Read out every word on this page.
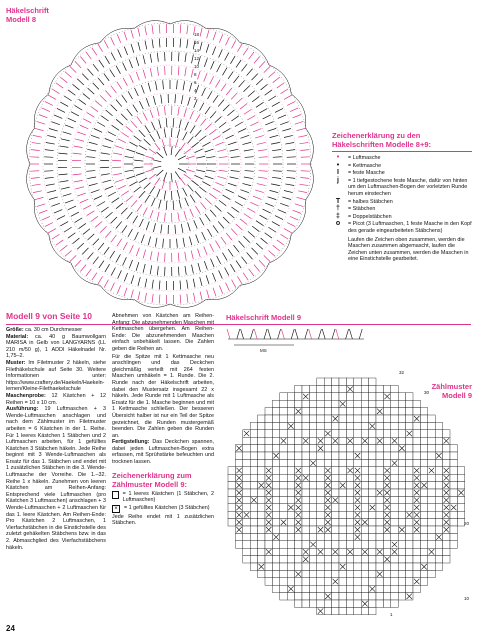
Häkelschrift
Modell 8
18
16
14
12
10
8
6
4
2
Zeichenerklärung zu den
Häkelschriften Modelle 8+9:
•	= Luftmasche
•	= Kettmasche
I	= feste Masche
j	= 1 tiefgestochene feste Masche, dafür von hinten um den Luftmaschen-Bogen der vorletzten Runde herum einstechen
T	= halbes Stäbchen
†	= Stäbchen
‡	= Doppelstäbchen
o	= Picot (3 Luftmaschen, 1 feste Masche in den Kopf des gerade eingearbeiteten Stäbchens)
Laufen die Zeichen oben zusammen, werden die Maschen zusammen abgemascht, laufen die Zeichen unten zusammen, werden die Maschen in eine Einstichstelle gearbeitet.
Modell 9 von Seite 10

Größe: ca. 30 cm Durchmesser

Material: ca. 40 g Baumwollgarn MARISA in Gelb von LANGYARNS (LL 210 m/50 g), 1 ADDI Häkelnadel Nr. 1,75–2.

Muster: Im Filetmuster 2 häkeln, siehe Filethäkelschule auf Seite 30. Weitere Informationen unter: https://www.craftery.de/Haekeln/Haekeln-lernen/Kleine-Filethaekelschule

Maschenprobe: 12 Kästchen + 12 Reihen = 10 x 10 cm.

Ausführung: 19 Luftmaschen + 3 Wende-Luftmaschen anschlagen und nach dem Zählmuster im Filetmuster arbeiten = 6 Kästchen in der 1. Reihe. Für 1 leeres Kästchen 1 Stäbchen und 2 Luftmaschen arbeiten, für 1 gefülltes Kästchen 3 Stäbchen häkeln. Jede Reihe beginnt mit 3 Wende-Luftmaschen als Ersatz für das 1. Stäbchen und endet mit 1 zusätzlichen Stäbchen in die 3. Wende-Luftmasche der Vorreihe. Die 1.–32. Reihe 1 x häkeln. Zunehmen von leeren Kästchen am Reihen-Anfang: Entsprechend viele Luftmaschen (pro Kästchen 3 Luftmaschen) anschlagen + 3 Wende-Luftmaschen + 2 Luftmaschen für das 1. leere Kästchen. Am Reihen-Ende: Pro Kästchen 2 Luftmaschen, 1 Vierfachstäbchen in die Einstichstelle des zuletzt gehäkelten Stäbchens bzw. in das 2. Abmaschglied des Vierfachstäbchens häkeln.

Abnehmen von Kästchen am Reihen-Anfang: Die abzunehmenden Maschen mit Kettmaschen übergehen. Am Reihen-Ende: Die abzunehmenden Maschen einfach unbehäkelt lassen. Die Zahlen geben die Reihen an.

Für die Spitze mit 1 Kettmasche neu anschlingen und das Deckchen gleichmäßig verteilt mit 264 festen Maschen umhäkeln = 1. Runde. Die 2. Runde nach der Häkelschrift arbeiten, dabei den Mustersatz insgesamt 22 x häkeln. Jede Runde mit 1 Luftmasche als Ersatz für die 1. Masche beginnen und mit 1 Kettmasche schließen. Der besseren Übersicht halber ist nur ein Teil der Spitze gezeichnet, die Runden mustergemäß beenden. Die Zahlen geben die Runden an.

Fertigstellung: Das Deckchen spannen, dabei jeden Luftmaschen-Bogen extra erfassen, mit Sprühstärke befeuchten und trocknen lassen.

Zeichenerklärung zum
Zählmuster Modell 9:
= 1 leeres Kästchen (1 Stäbchen, 2 Luftmaschen)
×	= 1 gefülltes Kästchen (3 Stäbchen)
Jede Reihe endet mit 1 zusätzlichen Stäbchen.
Häkelschrift Modell 9
MS
Zählmuster
Modell 9
32
30
20
10
1
24
